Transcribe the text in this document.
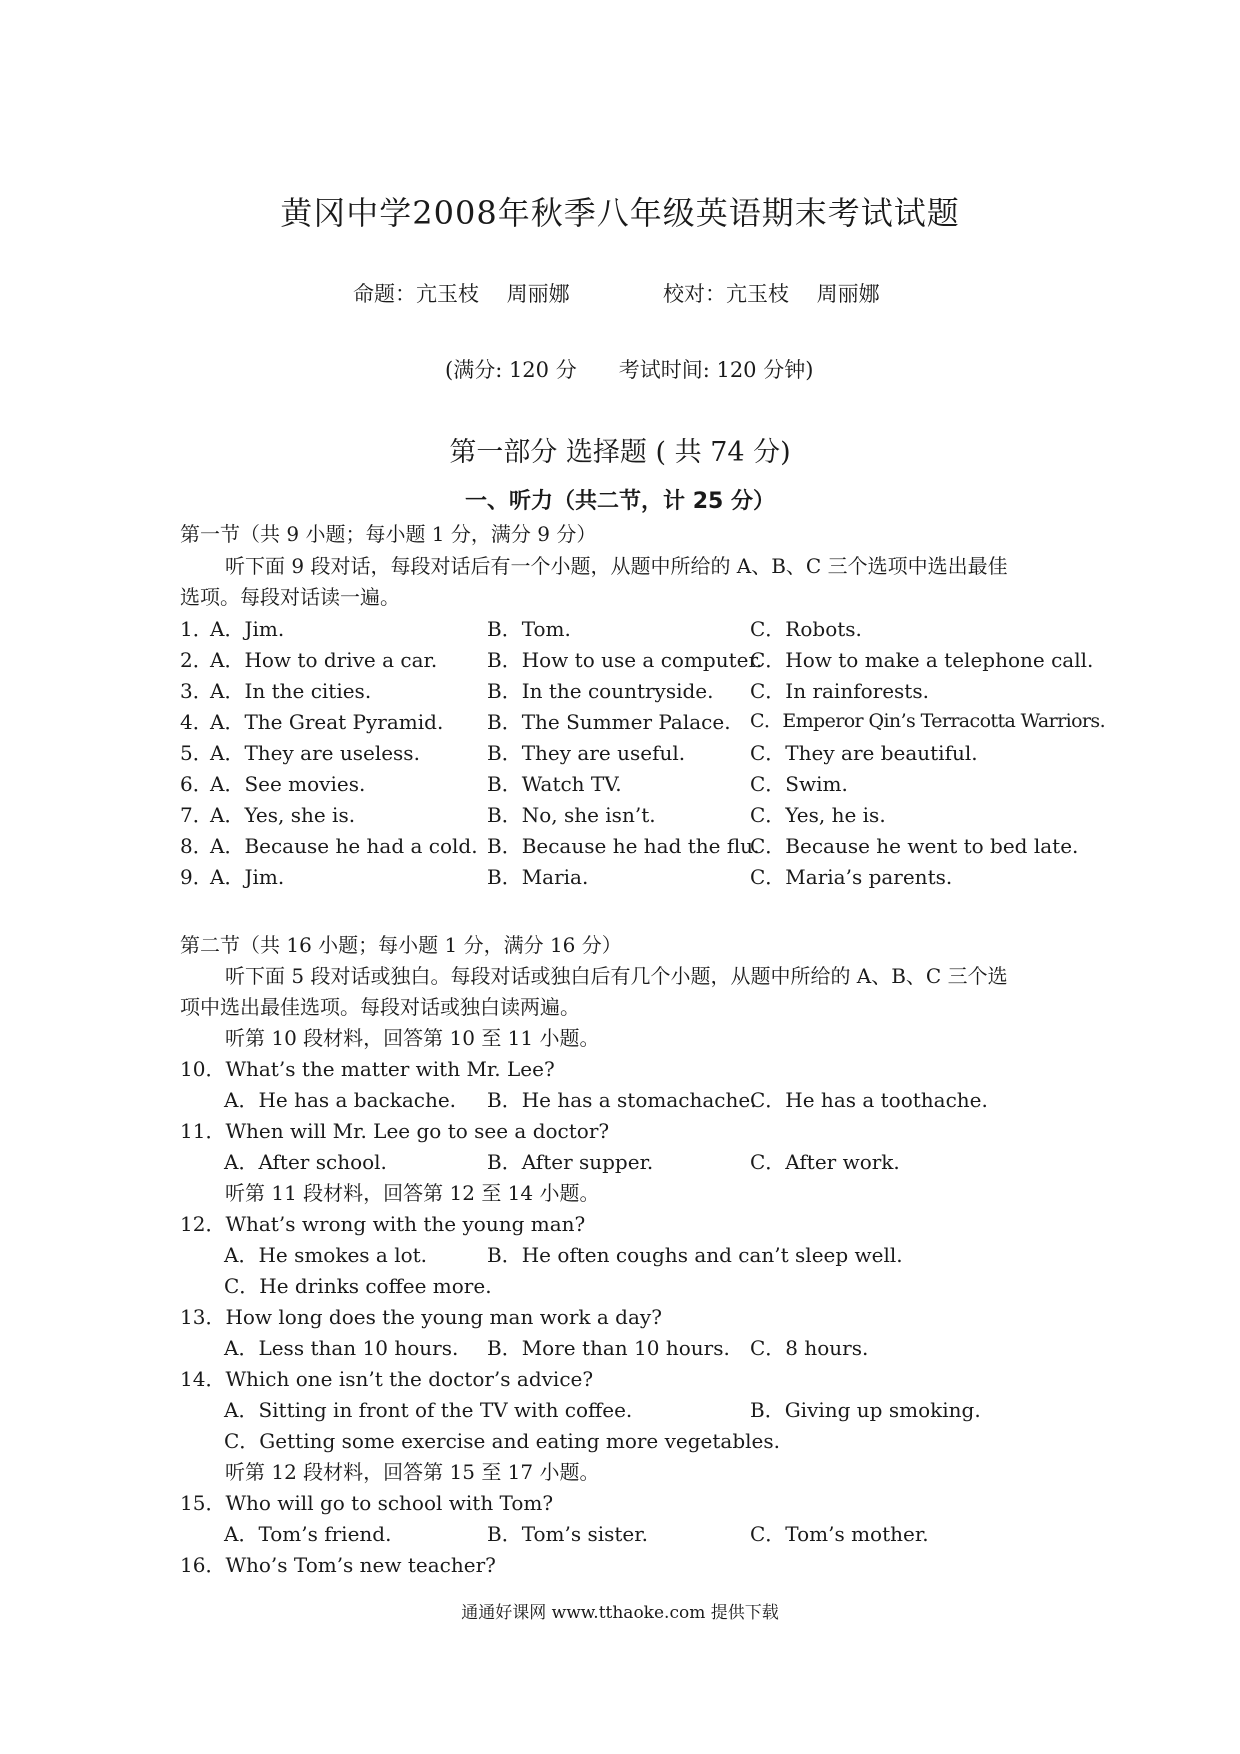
黄冈中学2008年秋季八年级英语期末考试试题
命题：亢玉枝　 周丽娜	校对：亢玉枝　 周丽娜
(满分: 120 分 考试时间: 120 分钟)
第一部分 选择题 ( 共 74 分)
一、听力（共二节，计 25 分）
第一节（共 9 小题；每小题 1 分，满分 9 分）
听下面 9 段对话，每段对话后有一个小题，从题中所给的 A、B、C 三个选项中选出最佳
选项。每段对话读一遍。
1．
A．Jim.	B．Tom.	C．Robots.
2．
A．How to drive a car. B．How to use a computer.
C．How to make a telephone call.
3．
A．In the cities.	B．In the countryside. C．In rainforests.
4．
A．The Great Pyramid. B．The Summer Palace. C．Emperor Qin’s Terracotta Warriors.
5．
A．They are useless.	B．They are useful.	C．They are beautiful.
6．
A．See movies.	B．Watch TV.	C．Swim.
7．
A．Yes, she is.	B．No, she isn’t.	C．Yes, he is.
8．
A．Because he had a cold. B．Because he had the flu.
C．Because he went to bed late.
9．
A．Jim.	B．Maria.	C．Maria’s parents.
第二节（共 16 小题；每小题 1 分，满分 16 分）
听下面 5 段对话或独白。每段对话或独白后有几个小题，从题中所给的 A、B、C 三个选
项中选出最佳选项。每段对话或独白读两遍。
听第 10 段材料，回答第 10 至 11 小题。
10．What’s the matter with Mr. Lee?
A．He has a backache. B．He has a stomachache.
C．He has a toothache.
11．When will Mr. Lee go to see a doctor?
A．After school.	B．After supper.	C．After work.
听第 11 段材料，回答第 12 至 14 小题。
12．What’s wrong with the young man?
A．He smokes a lot.	B．He often coughs and can’t sleep well.
C．He drinks coffee more.
13．How long does the young man work a day?
A．Less than 10 hours. B．More than 10 hours. C．8 hours.
14．Which one isn’t the doctor’s advice?
A．Sitting in front of the TV with coffee.	B．Giving up smoking.
C．Getting some exercise and eating more vegetables.
听第 12 段材料，回答第 15 至 17 小题。
15．Who will go to school with Tom?
A．Tom’s friend.	B．Tom’s sister.	C．Tom’s mother.
16．Who’s Tom’s new teacher?
通通好课网 www.tthaoke.com 提供下载
